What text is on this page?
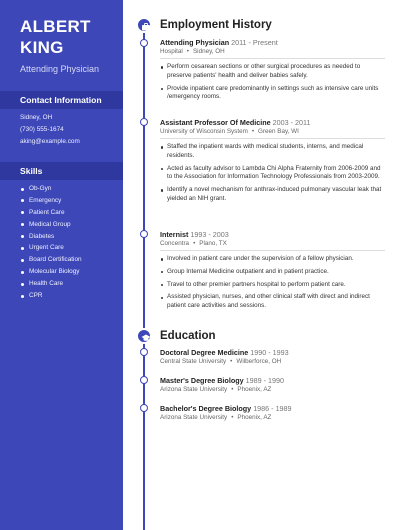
ALBERT
KING
Attending Physician
Contact Information
Sidney, OH
(730) 555-1674
aking@example.com
Skills
Ob-Gyn
Emergency
Patient Care
Medical Group
Diabetes
Urgent Care
Board Certification
Molecular Biology
Health Care
CPR
Employment History
Attending Physician 2011 - Present
Hospital • Sidney, OH
Perform cesarean sections or other surgical procedures as needed to preserve patients' health and deliver babies safely.
Provide inpatient care predominantly in settings such as intensive care units /emergency rooms.
Assistant Professor Of Medicine 2003 - 2011
University of Wisconsin System • Green Bay, WI
Staffed the inpatient wards with medical students, interns, and medical residents.
Acted as faculty advisor to Lambda Chi Alpha Fraternity from 2006-2009 and to the Association for Information Technology Professionals from 2003-2009.
Identify a novel mechanism for anthrax-induced pulmonary vascular leak that yielded an NIH grant.
Internist 1993 - 2003
Concentra • Plano, TX
Involved in patient care under the supervision of a fellow physician.
Group Internal Medicine outpatient and in patient practice.
Travel to other premier partners hospital to perform patient care.
Assisted physician, nurses, and other clinical staff with direct and indirect patient care activities and sessions.
Education
Doctoral Degree Medicine 1990 - 1993
Central State University • Wilberforce, OH
Master's Degree Biology 1989 - 1990
Arizona State University • Phoenix, AZ
Bachelor's Degree Biology 1986 - 1989
Arizona State University • Phoenix, AZ
